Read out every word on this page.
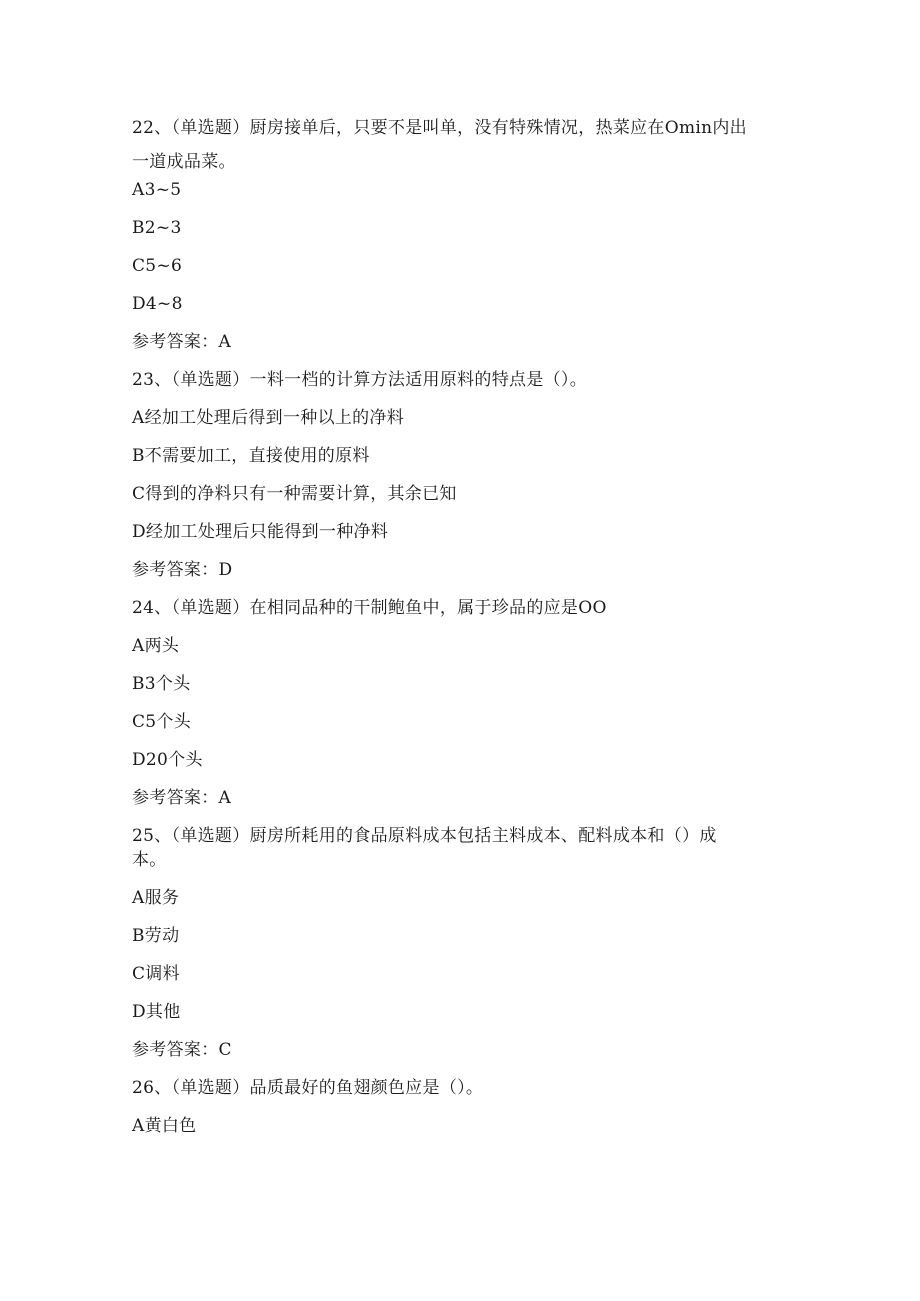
22、（单选题）厨房接单后，只要不是叫单，没有特殊情况，热菜应在Omin内出
一道成品菜。
A3~5
B2~3
C5~6
D4~8
参考答案：A
23、（单选题）一料一档的计算方法适用原料的特点是（）。
A经加工处理后得到一种以上的净料
B不需要加工，直接使用的原料
C得到的净料只有一种需要计算，其余已知
D经加工处理后只能得到一种净料
参考答案：D
24、（单选题）在相同品种的干制鲍鱼中，属于珍品的应是OO
A两头
B3个头
C5个头
D20个头
参考答案：A
25、（单选题）厨房所耗用的食品原料成本包括主料成本、配料成本和（）成
本。
A服务
B劳动
C调料
D其他
参考答案：C
26、（单选题）品质最好的鱼翅颜色应是（）。
A黄白色
